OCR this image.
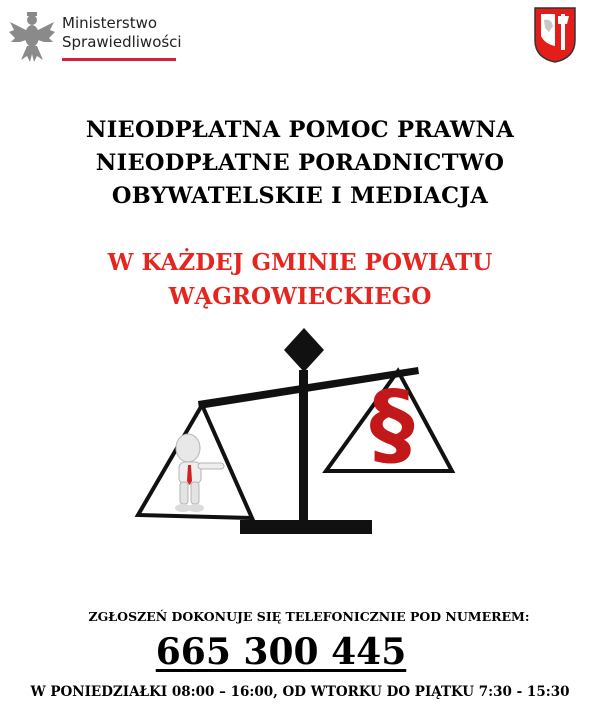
Ministerstwo
Sprawiedliwości
NIEODPŁATNA POMOC PRAWNA
NIEODPŁATNE PORADNICTWO
OBYWATELSKIE I MEDIACJA
W KAŻDEJ GMINIE POWIATU
WĄGROWIECKIEGO
§
ZGŁOSZEŃ DOKONUJE SIĘ TELEFONICZNIE POD NUMEREM:
665 300 445
W PONIEDZIAŁKI 08:00 – 16:00, OD WTORKU DO PIĄTKU 7:30 - 15:30
